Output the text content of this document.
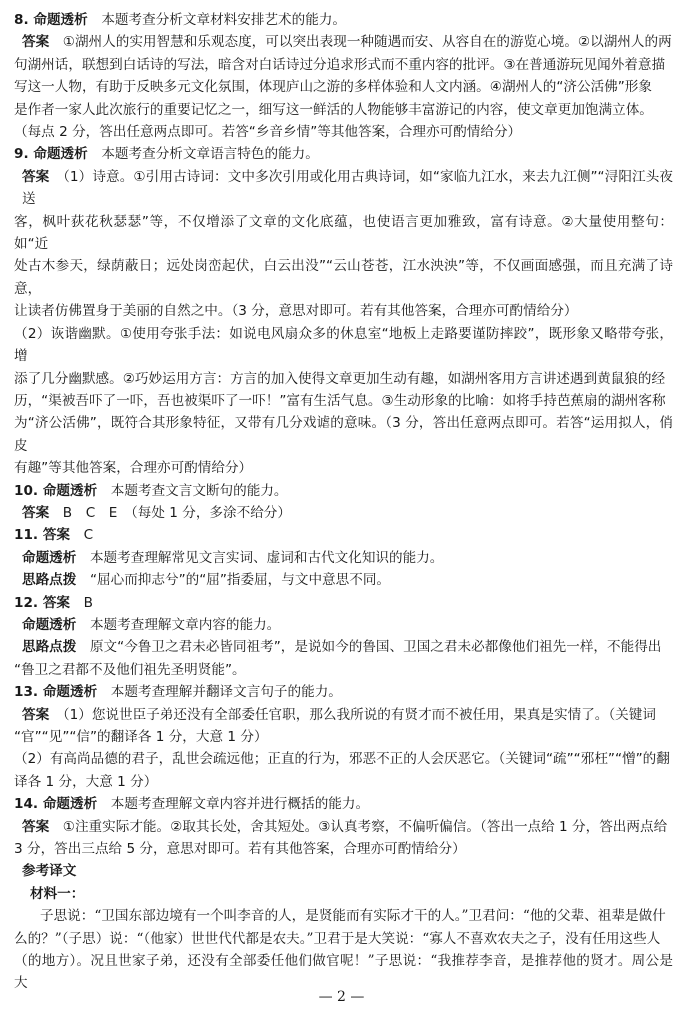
8. 命题透析　本题考查分析文章材料安排艺术的能力。

答案　①湖州人的实用智慧和乐观态度，可以突出表现一种随遇而安、从容自在的游览心境。②以湖州人的两

句湖州话，联想到白话诗的写法，暗含对白话诗过分追求形式而不重内容的批评。③在普通游玩见闻外着意描

写这一人物，有助于反映多元文化氛围，体现庐山之游的多样体验和人文内涵。④湖州人的“济公活佛”形象

是作者一家人此次旅行的重要记忆之一，细写这一鲜活的人物能够丰富游记的内容，使文章更加饱满立体。

（每点 2 分，答出任意两点即可。若答“乡音乡情”等其他答案，合理亦可酌情给分）

9. 命题透析　本题考查分析文章语言特色的能力。

答案　（1）诗意。①引用古诗词：文中多次引用或化用古典诗词，如“家临九江水，来去九江侧”“浔阳江头夜送

客，枫叶荻花秋瑟瑟”等，不仅增添了文章的文化底蕴，也使语言更加雅致，富有诗意。②大量使用整句：如“近

处古木参天，绿荫蔽日；远处岗峦起伏，白云出没”“云山苍苍，江水泱泱”等，不仅画面感强，而且充满了诗意，

让读者仿佛置身于美丽的自然之中。（3 分，意思对即可。若有其他答案，合理亦可酌情给分）

（2）诙谐幽默。①使用夸张手法：如说电风扇众多的休息室“地板上走路要谨防摔跤”，既形象又略带夸张，增

添了几分幽默感。②巧妙运用方言：方言的加入使得文章更加生动有趣，如湖州客用方言讲述遇到黄鼠狼的经

历，“渠被吾吓了一吓，吾也被渠吓了一吓！”富有生活气息。③生动形象的比喻：如将手持芭蕉扇的湖州客称

为“济公活佛”，既符合其形象特征，又带有几分戏谑的意味。（3 分，答出任意两点即可。若答“运用拟人，俏皮

有趣”等其他答案，合理亦可酌情给分）

10. 命题透析　本题考查文言文断句的能力。

答案　B　C　E　（每处 1 分，多涂不给分）

11. 答案　C

命题透析　本题考查理解常见文言实词、虚词和古代文化知识的能力。

思路点拨　“屈心而抑志兮”的“屈”指委屈，与文中意思不同。

12. 答案　B

命题透析　本题考查理解文章内容的能力。

思路点拨　原文“今鲁卫之君未必皆同祖考”，是说如今的鲁国、卫国之君未必都像他们祖先一样，不能得出

“鲁卫之君都不及他们祖先圣明贤能”。

13. 命题透析　本题考查理解并翻译文言句子的能力。

答案　（1）您说世臣子弟还没有全部委任官职，那么我所说的有贤才而不被任用，果真是实情了。（关键词

“官”“见”“信”的翻译各 1 分，大意 1 分）

（2）有高尚品德的君子，乱世会疏远他；正直的行为，邪恶不正的人会厌恶它。（关键词“疏”“邪枉”“憎”的翻

译各 1 分，大意 1 分）

14. 命题透析　本题考查理解文章内容并进行概括的能力。

答案　①注重实际才能。②取其长处，舍其短处。③认真考察，不偏听偏信。（答出一点给 1 分，答出两点给

3 分，答出三点给 5 分，意思对即可。若有其他答案，合理亦可酌情给分）

参考译文

材料一：

子思说：“卫国东部边境有一个叫李音的人，是贤能而有实际才干的人。”卫君问：“他的父辈、祖辈是做什

么的？”（子思）说：“（他家）世世代代都是农夫。”卫君于是大笑说：“寡人不喜欢农夫之子，没有任用这些人

（的地方）。况且世家子弟，还没有全部委任他们做官呢！”子思说：“我推荐李音，是推荐他的贤才。周公是大

— 2 —
